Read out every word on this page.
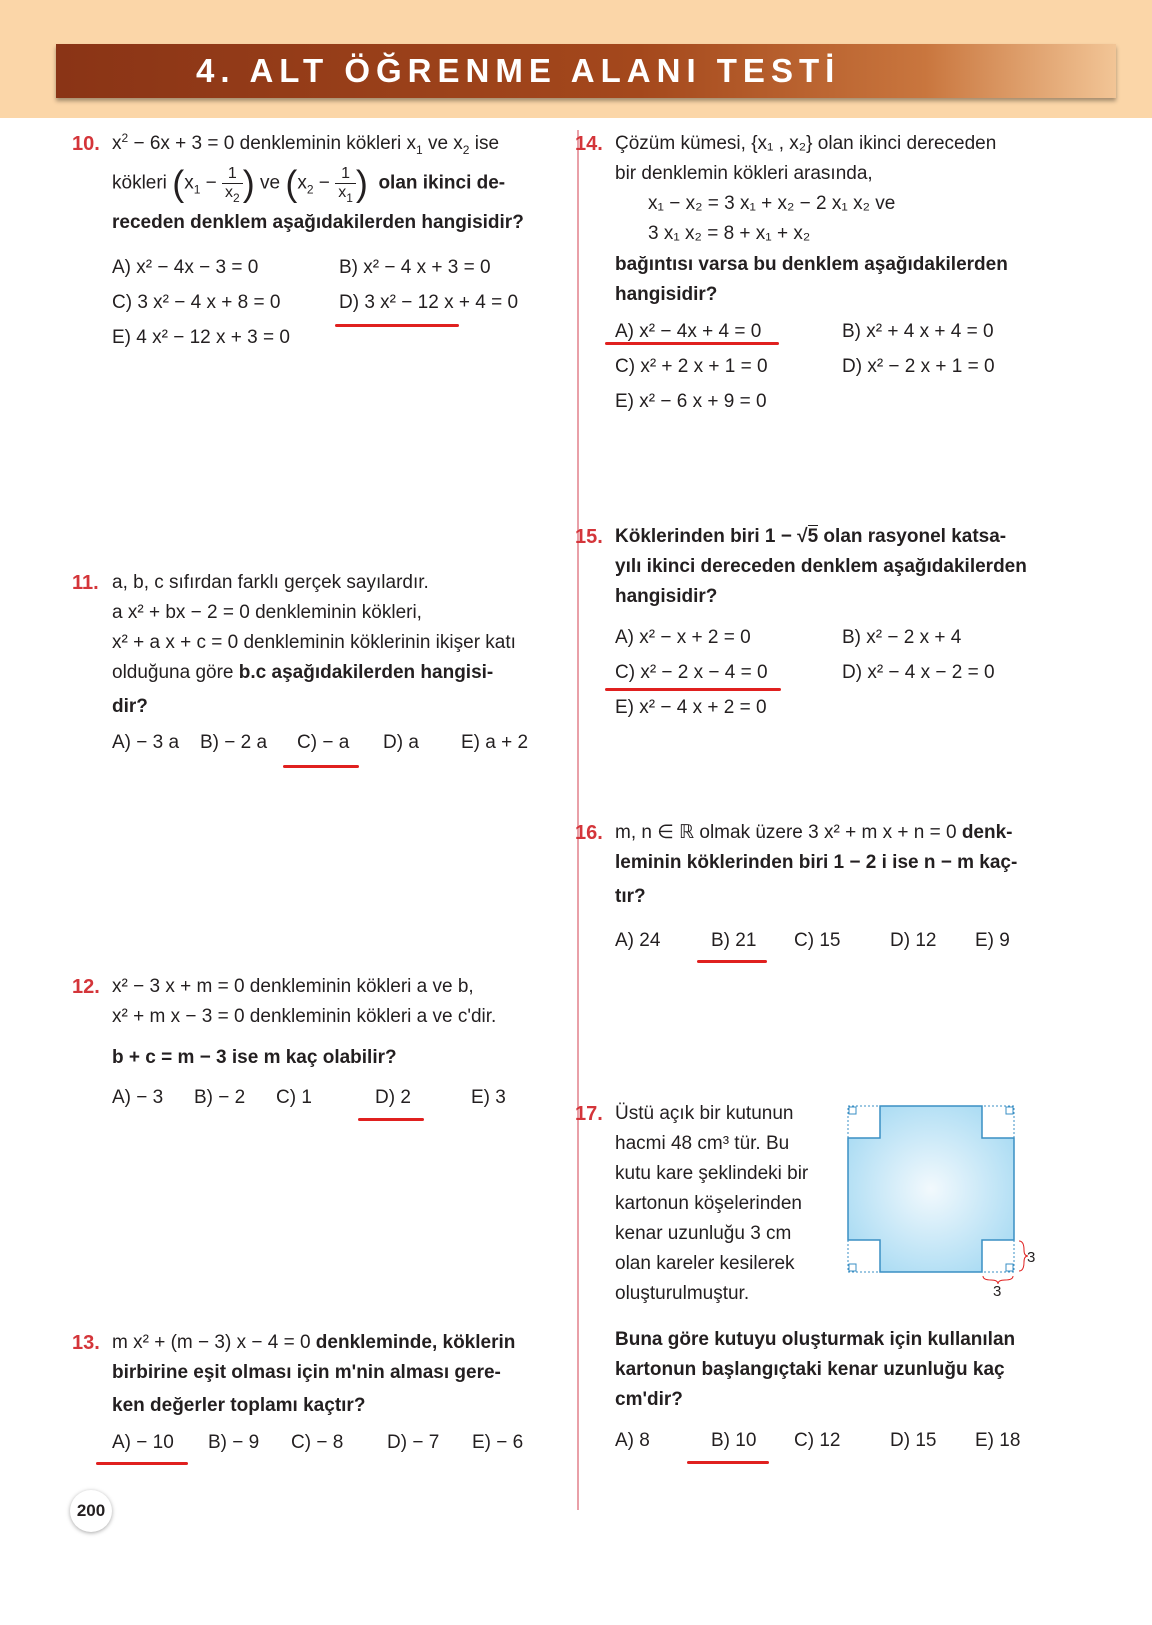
4. ALT ÖĞRENME ALANI TESTİ
10. $x^2 - 6x + 3 = 0$ denkleminin kökleri $x_1$ ve $x_2$ ise
kökleri ($x_1 - \frac{1}{x_2}$ ) ve ($x_2 - \frac{1}{x_1}$ ) olan ikinci de-
receden denklem aşağıdakilerden hangisidir?
A) x² − 4x − 3 = 0	B) x² − 4 x + 3 = 0
C) 3 x² − 4 x + 8 = 0	D) 3 x² − 12 x + 4 = 0
E) 4 x² − 12 x + 3 = 0
11. a, b, c sıfırdan farklı gerçek sayılardır.
a x² + bx − 2 = 0 denkleminin kökleri,
x² + a x + c = 0 denkleminin köklerinin ikişer katı
olduğuna göre b.c aşağıdakilerden hangisi-
dir?
A) − 3 a B) − 2 a C) − a D) a E) a + 2
12. x² − 3 x + m = 0 denkleminin kökleri a ve b,
x² + m x − 3 = 0 denkleminin kökleri a ve c'dir.
b + c = m − 3 ise m kaç olabilir?
A) − 3 B) − 2 C) 1	D) 2	E) 3
13. m x² + (m − 3) x − 4 = 0 denkleminde, köklerin
birbirine eşit olması için m'nin alması gere-
ken değerler toplamı kaçtır?
A) − 10 B) − 9 C) − 8 D) − 7 E) − 6
14. Çözüm kümesi, {x₁ , x₂} olan ikinci dereceden
bir denklemin kökleri arasında,
x₁ − x₂ = 3 x₁ + x₂ − 2 x₁ x₂ ve
3 x₁ x₂ = 8 + x₁ + x₂
bağıntısı varsa bu denklem aşağıdakilerden
hangisidir?
A) x² − 4x + 4 = 0	B) x² + 4 x + 4 = 0
C) x² + 2 x + 1 = 0	D) x² − 2 x + 1 = 0
E) x² − 6 x + 9 = 0
15. Köklerinden biri 1 − √5 olan rasyonel katsa-
yılı ikinci dereceden denklem aşağıdakilerden
hangisidir?
A) x² − x + 2 = 0	B) x² − 2 x + 4
C) x² − 2 x − 4 = 0	D) x² − 4 x − 2 = 0
E) x² − 4 x + 2 = 0
16. m, n ∈ ℝ olmak üzere 3 x² + m x + n = 0 denk-
leminin köklerinden biri 1 − 2 i ise n − m kaç-
tır?
A) 24	B) 21 C) 15	D) 12 E) 9
17. Üstü açık bir kutunun
hacmi 48 cm³ tür. Bu
kutu kare şeklindeki bir
kartonun köşelerinden
kenar uzunluğu 3 cm
olan kareler kesilerek
oluşturulmuştur.
3
3
Buna göre kutuyu oluşturmak için kullanılan
kartonun başlangıçtaki kenar uzunluğu kaç
cm'dir?
A) 8	B) 10 C) 12	D) 15 E) 18
200
